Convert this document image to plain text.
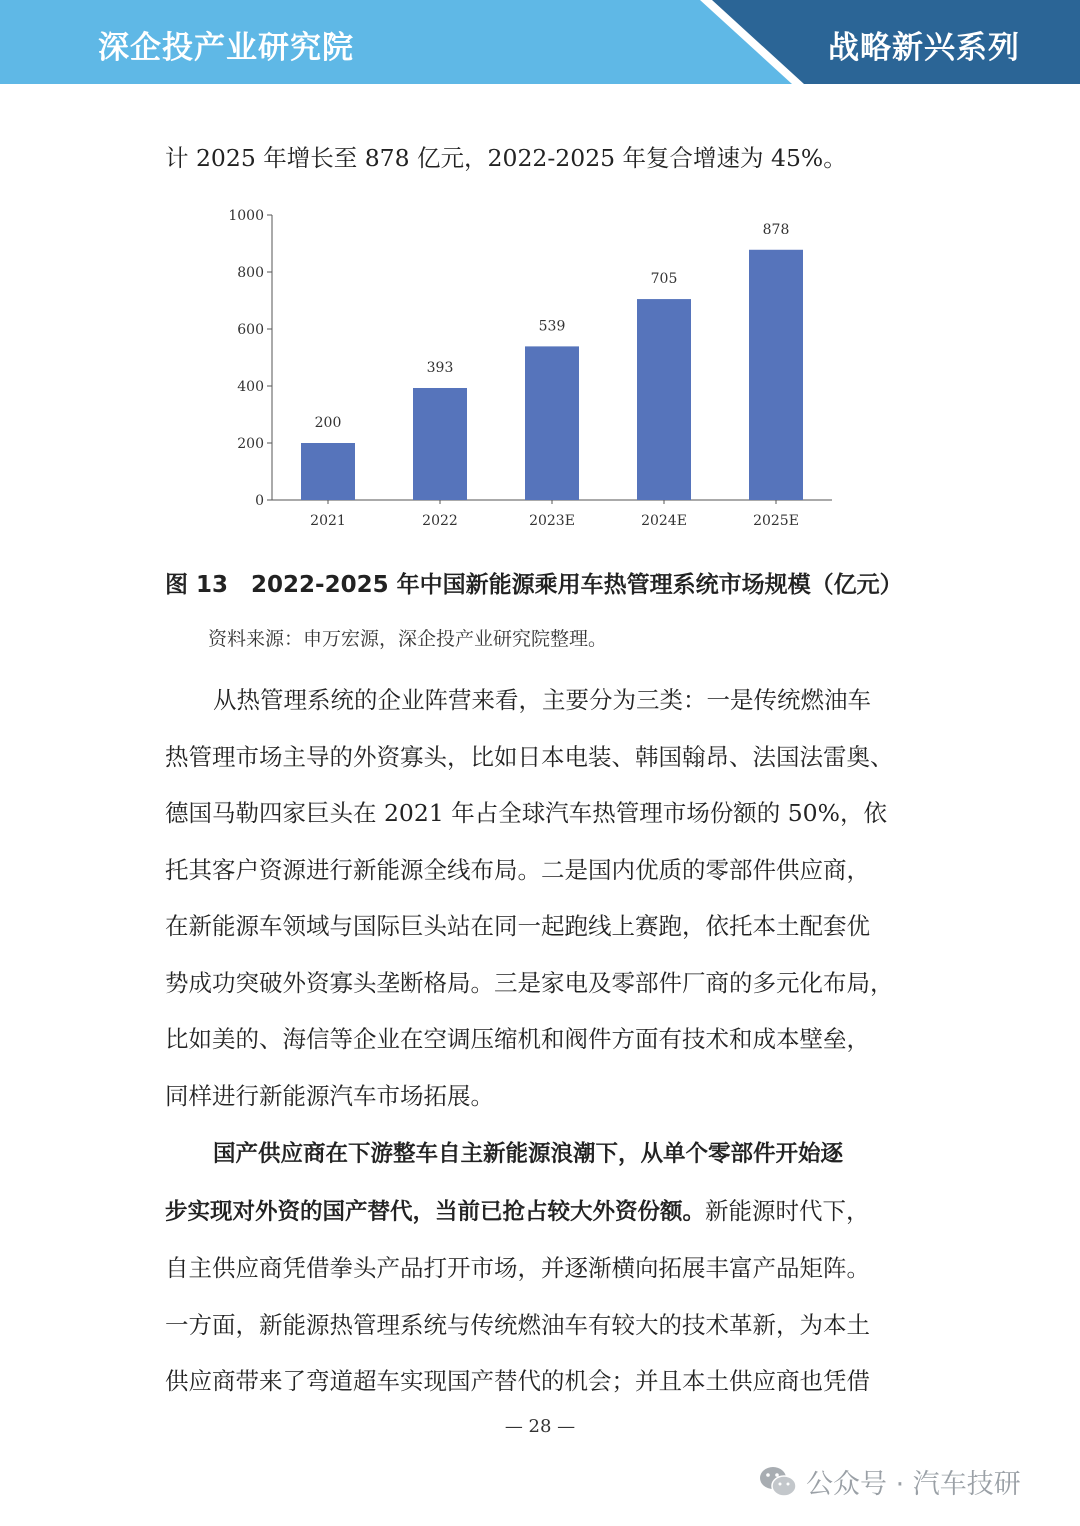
深企投产业研究院	战略新兴系列

计 2025 年增长至 878 亿元，2022-2025 年复合增速为 45%。

0
200
400
600
800
1000
200
2021
393
2022
539
2023E
705
2024E
878
2025E
图 13　2022-2025 年中国新能源乘用车热管理系统市场规模（亿元）
资料来源：申万宏源，深企投产业研究院整理。

从热管理系统的企业阵营来看，主要分为三类：一是传统燃油车
热管理市场主导的外资寡头，比如日本电装、韩国翰昂、法国法雷奥、
德国马勒四家巨头在 2021 年占全球汽车热管理市场份额的 50%，依
托其客户资源进行新能源全线布局。二是国内优质的零部件供应商，
在新能源车领域与国际巨头站在同一起跑线上赛跑，依托本土配套优
势成功突破外资寡头垄断格局。三是家电及零部件厂商的多元化布局，
比如美的、海信等企业在空调压缩机和阀件方面有技术和成本壁垒，
同样进行新能源汽车市场拓展。

国产供应商在下游整车自主新能源浪潮下，从单个零部件开始逐
步实现对外资的国产替代，当前已抢占较大外资份额。新能源时代下，
自主供应商凭借拳头产品打开市场，并逐渐横向拓展丰富产品矩阵。
一方面，新能源热管理系统与传统燃油车有较大的技术革新，为本土
供应商带来了弯道超车实现国产替代的机会；并且本土供应商也凭借

— 28 —
公众号 · 汽车技研
